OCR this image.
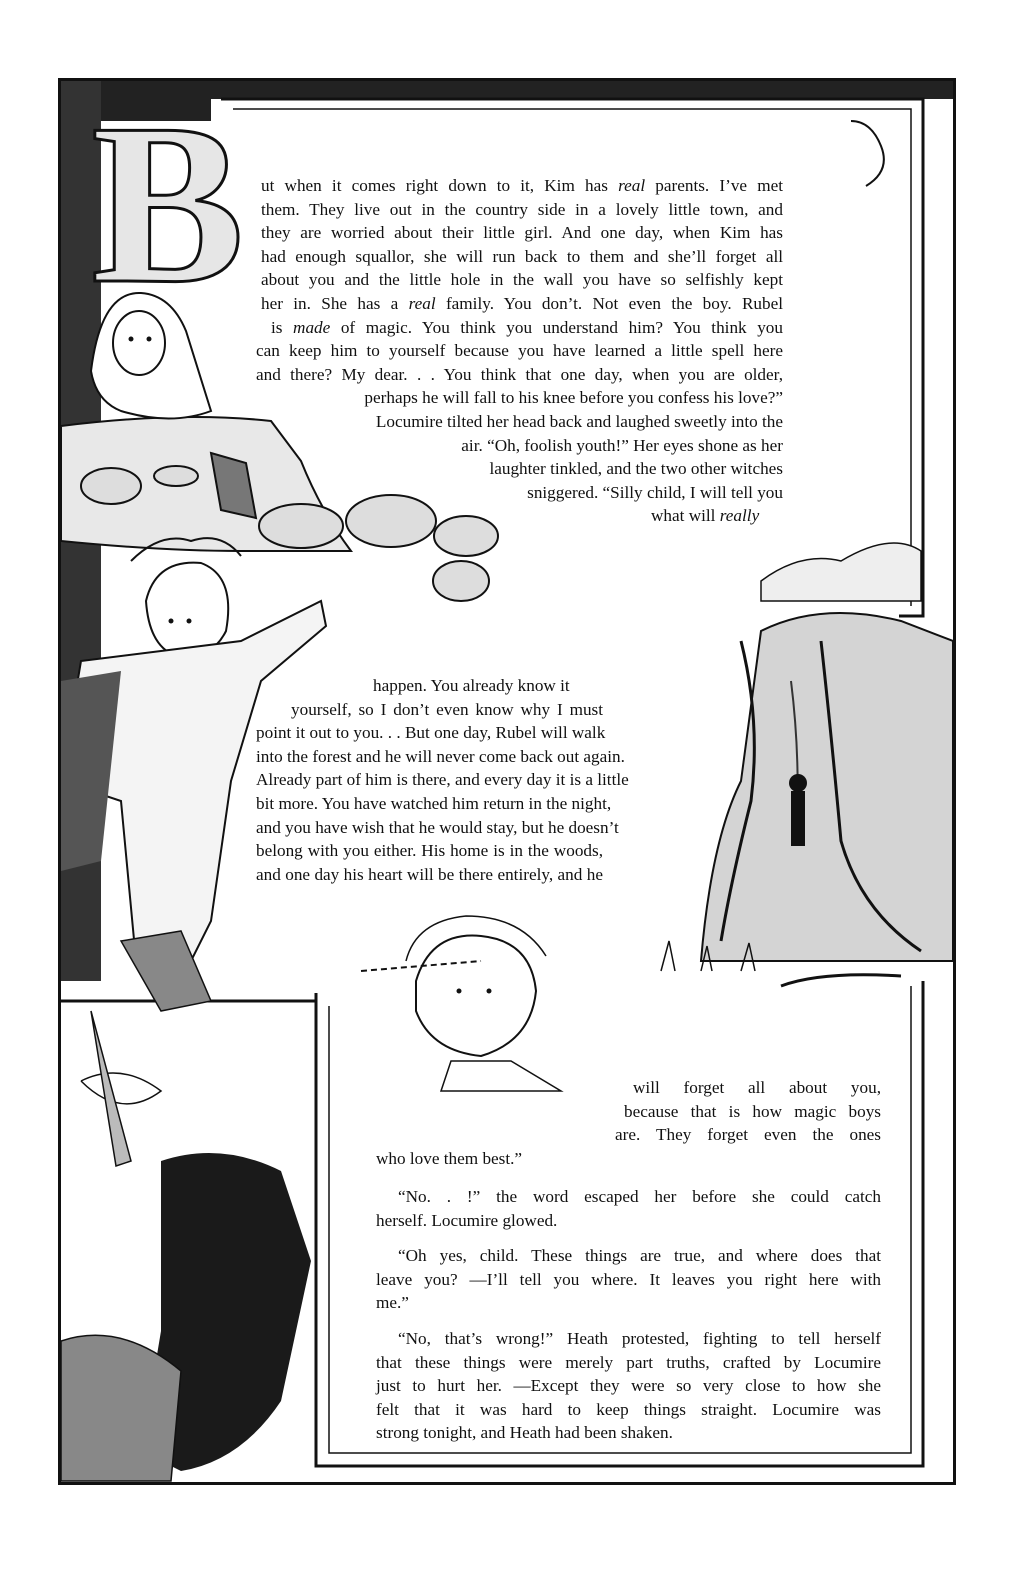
B ut when it comes right down to it, Kim has real parents. I’ve met
them. They live out in the country side in a lovely little town, and
they are worried about their little girl. And one day, when Kim has
had enough squallor, she will run back to them and she’ll forget all
about you and the little hole in the wall you have so selfishly kept
her in. She has a real family. You don’t. Not even the boy. Rubel
is made of magic. You think you understand him? You think you
can keep him to yourself because you have learned a little spell here
and there? My dear. . . You think that one day, when you are older,
perhaps he will fall to his knee before you confess his love?”
Locumire tilted her head back and laughed sweetly into the
air. “Oh, foolish youth!” Her eyes shone as her
laughter tinkled, and the two other witches
sniggered. “Silly child, I will tell you
what will really
happen. You already know it
yourself, so I don’t even know why I must
point it out to you. . . But one day, Rubel will walk
into the forest and he will never come back out again.
Already part of him is there, and every day it is a little
bit more. You have watched him return in the night,
and you have wish that he would stay, but he doesn’t
belong with you either. His home is in the woods,
and one day his heart will be there entirely, and he
will forget all about you,
because that is how magic boys
are. They forget even the ones
who love them best.”
“No. . !” the word escaped her before she could catch
herself. Locumire glowed.
“Oh yes, child. These things are true, and where does that
leave you? —I’ll tell you where. It leaves you right here with
me.”
“No, that’s wrong!” Heath protested, fighting to tell herself
that these things were merely part truths, crafted by Locumire
just to hurt her. —Except they were so very close to how she
felt that it was hard to keep things straight. Locumire was
strong tonight, and Heath had been shaken.
